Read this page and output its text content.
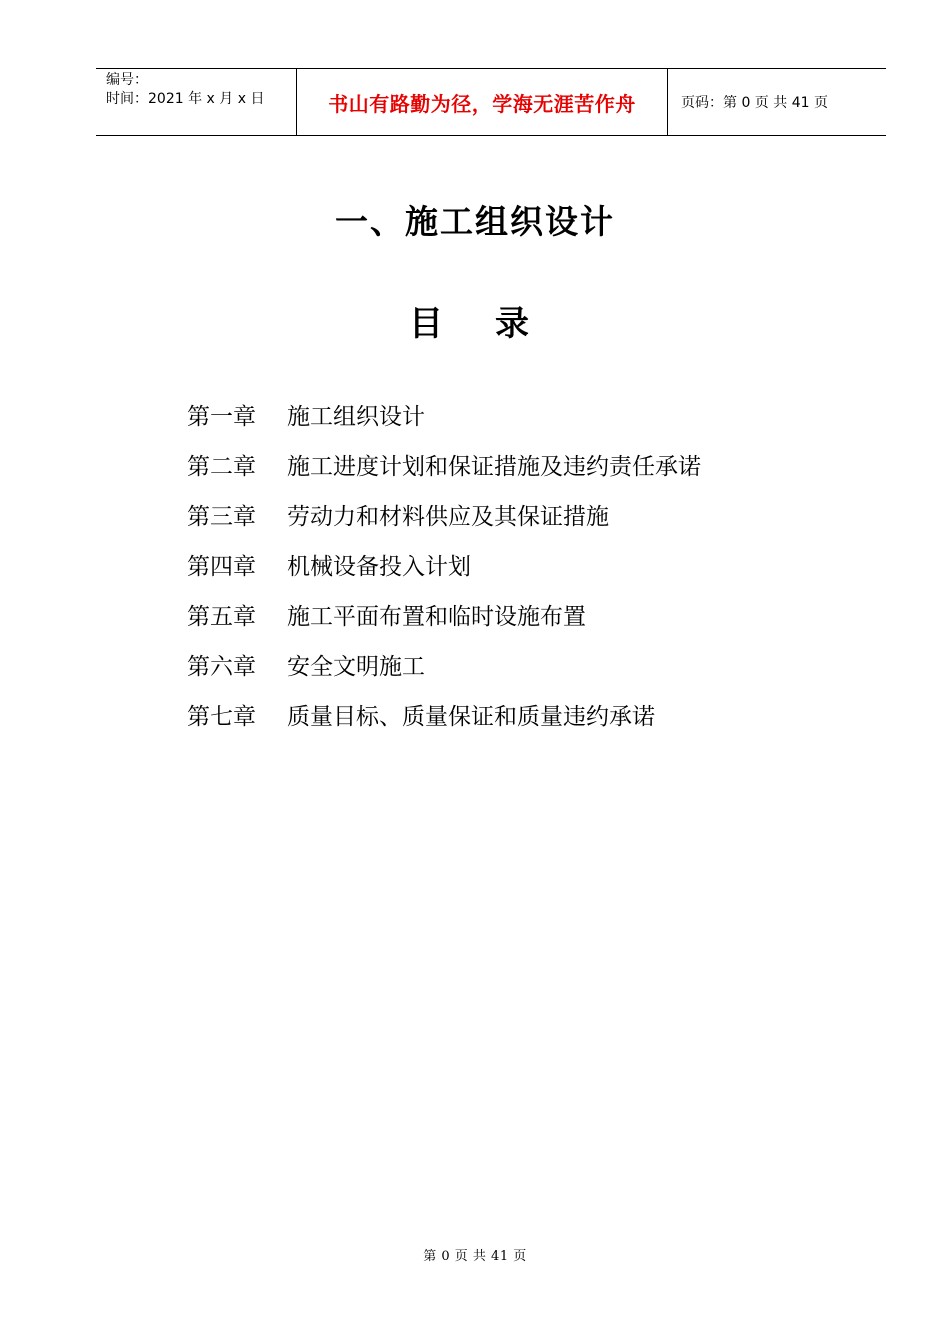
编号：
时间：2021 年 x 月 x 日	书山有路勤为径，学海无涯苦作舟	页码：第 0 页 共 41 页
一、施工组织设计
目录
第一章	施工组织设计
第二章	施工进度计划和保证措施及违约责任承诺
第三章	劳动力和材料供应及其保证措施
第四章	机械设备投入计划
第五章	施工平面布置和临时设施布置
第六章	安全文明施工
第七章	质量目标、质量保证和质量违约承诺
第 0 页 共 41 页
